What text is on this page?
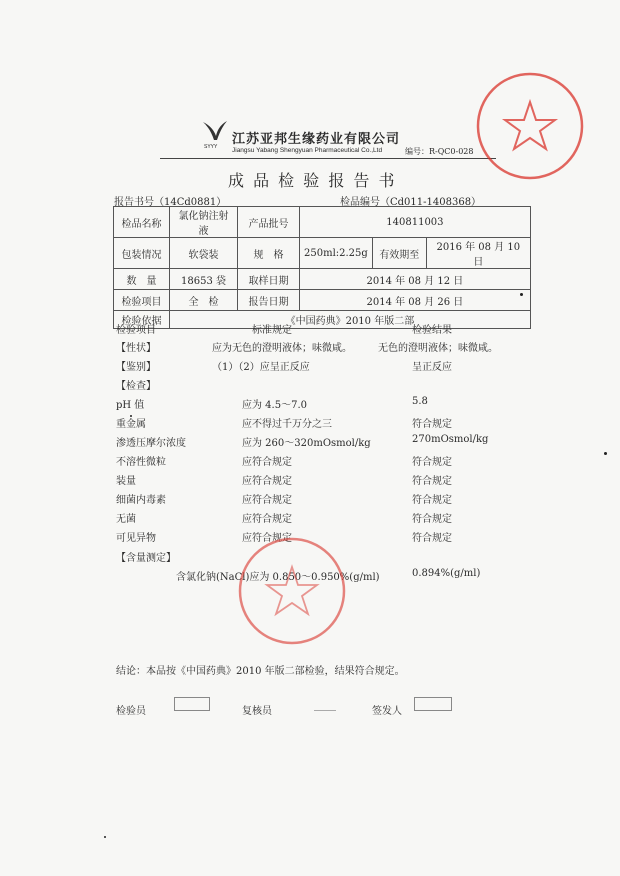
SYYY 江苏亚邦生缘药业有限公司
Jiangsu Yabang Shengyuan Pharmaceutical Co.,Ltd	编号：R-QC0-028
成 品 检 验 报 告 书
报告书号（14Cd0881）	检品编号（Cd011-1408368）
检品名称	氯化钠注射液	产品批号	140811003		
包装情况	软袋装	规　格	250ml:2.25g	有效期至	2016 年 08 月 10 日
数　量	18653 袋	取样日期	2014 年 08 月 12 日		
检验项目	全　检	报告日期	2014 年 08 月 26 日		
检验依据	《中国药典》2010 年版二部				
检验项目	标准规定	检验结果
【性状】	应为无色的澄明液体；味微咸。	无色的澄明液体；味微咸。
【鉴别】	（1）（2）应呈正反应	呈正反应
【检查】
pH 值	应为 4.5～7.0	5.8
重金属	应不得过千万分之三	符合规定
渗透压摩尔浓度	应为 260～320mOsmol/kg	270mOsmol/kg
不溶性微粒	应符合规定	符合规定
装量	应符合规定	符合规定
细菌内毒素	应符合规定	符合规定
无菌	应符合规定	符合规定
可见异物	应符合规定	符合规定
【含量测定】
含氯化钠(NaCl)应为 0.850～0.950%(g/ml)	0.894%(g/ml)
结论：本品按《中国药典》2010 年版二部检验，结果符合规定。
检验员	复核员	签发人
